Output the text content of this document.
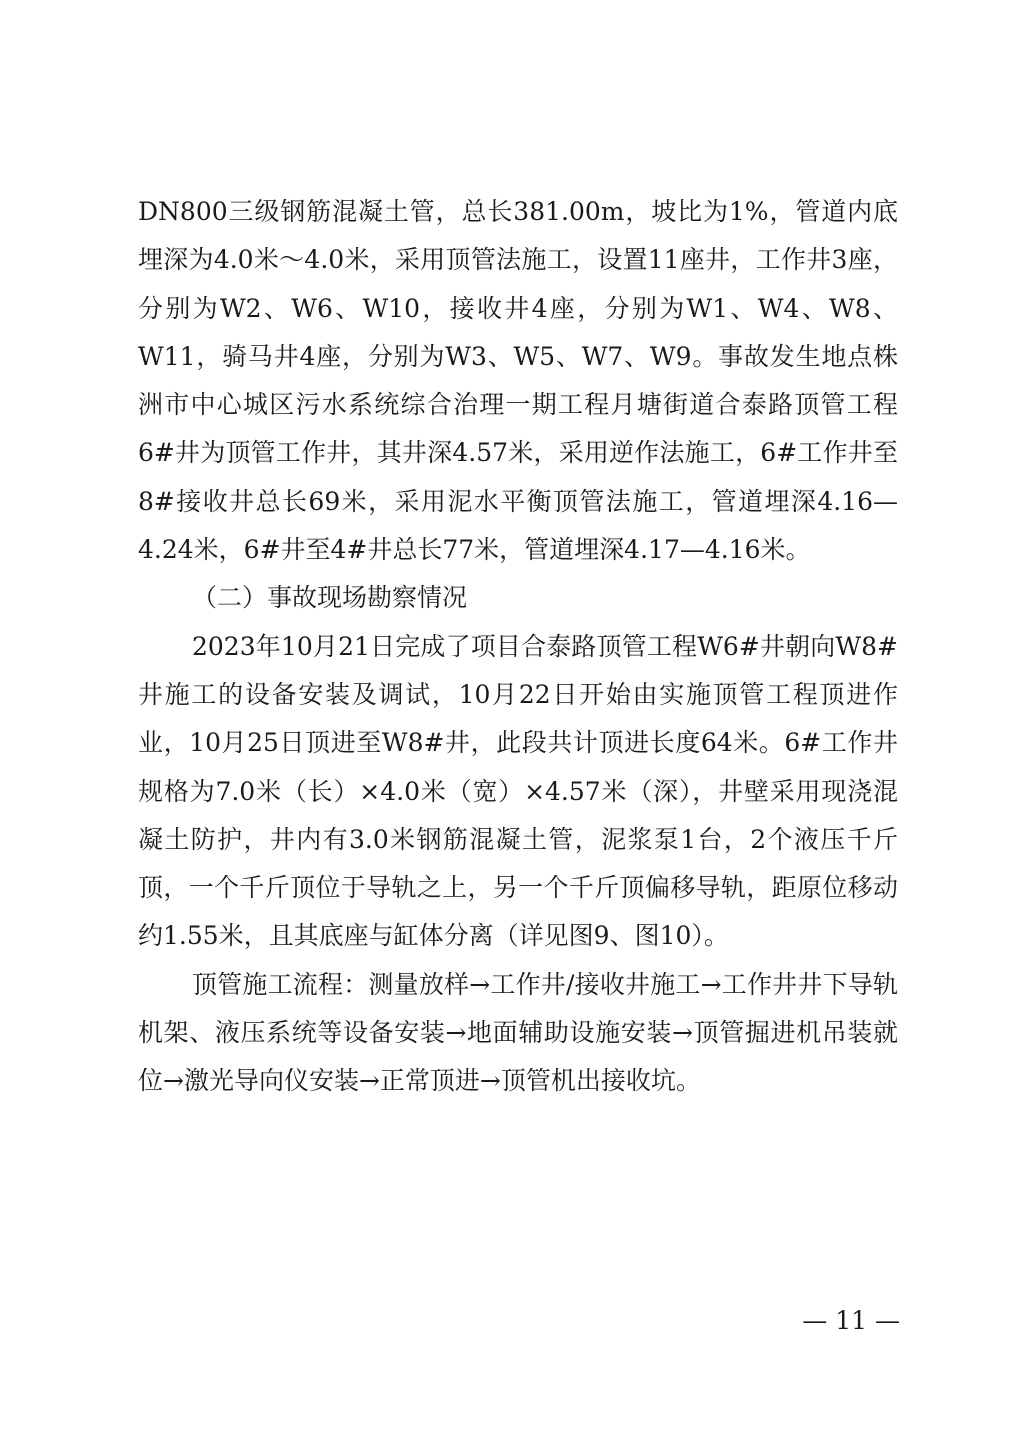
DN800三级钢筋混凝土管，总长381.00m，坡比为1%，管道内底埋深为4.0米～4.0米，采用顶管法施工，设置11座井，工作井3座，分别为W2、W6、W10，接收井4座，分别为W1、W4、W8、W11，骑马井4座，分别为W3、W5、W7、W9。事故发生地点株洲市中心城区污水系统综合治理一期工程月塘街道合泰路顶管工程6#井为顶管工作井，其井深4.57米，采用逆作法施工，6#工作井至8#接收井总长69米，采用泥水平衡顶管法施工，管道埋深4.16—4.24米，6#井至4#井总长77米，管道埋深4.17—4.16米。

（二）事故现场勘察情况

2023年10月21日完成了项目合泰路顶管工程W6#井朝向W8#井施工的设备安装及调试，10月22日开始由实施顶管工程顶进作业，10月25日顶进至W8#井，此段共计顶进长度64米。6#工作井规格为7.0米（长）×4.0米（宽）×4.57米（深），井壁采用现浇混凝土防护，井内有3.0米钢筋混凝土管，泥浆泵1台，2个液压千斤顶，一个千斤顶位于导轨之上，另一个千斤顶偏移导轨，距原位移动约1.55米，且其底座与缸体分离（详见图9、图10）。

顶管施工流程：测量放样→工作井/接收井施工→工作井井下导轨机架、液压系统等设备安装→地面辅助设施安装→顶管掘进机吊装就位→激光导向仪安装→正常顶进→顶管机出接收坑。

— 11 —
